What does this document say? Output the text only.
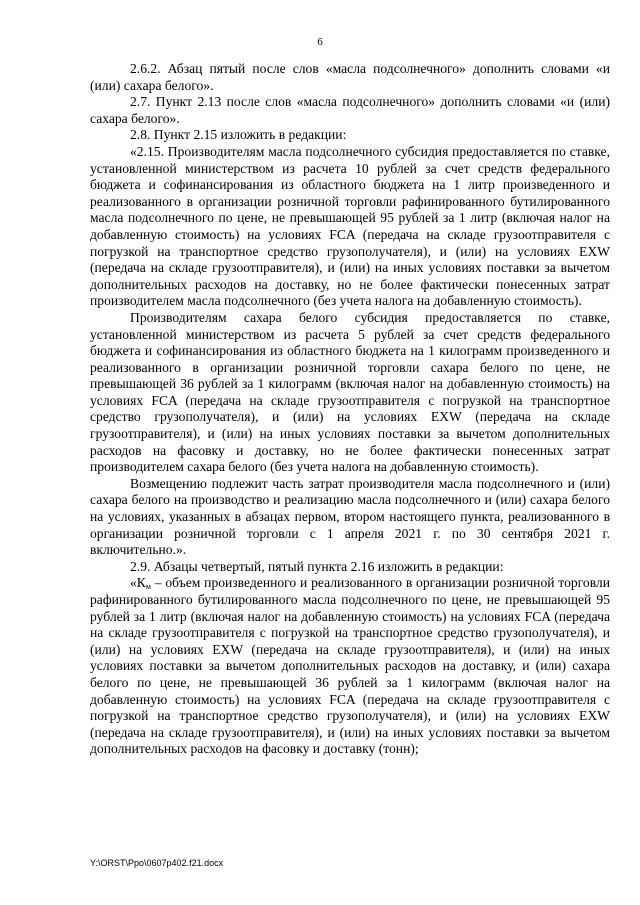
6

2.6.2. Абзац пятый после слов «масла подсолнечного» дополнить словами «и (или) сахара белого».

2.7. Пункт 2.13 после слов «масла подсолнечного» дополнить словами «и (или) сахара белого».

2.8. Пункт 2.15 изложить в редакции:

«2.15. Производителям масла подсолнечного субсидия предоставляется по ставке, установленной министерством из расчета 10 рублей за счет средств федерального бюджета и софинансирования из областного бюджета на 1 литр произведенного и реализованного в организации розничной торговли рафинированного бутилированного масла подсолнечного по цене, не превышающей 95 рублей за 1 литр (включая налог на добавленную стоимость) на условиях FCA (передача на складе грузоотправителя с погрузкой на транспортное средство грузополучателя), и (или) на условиях EXW (передача на складе грузоотправителя), и (или) на иных условиях поставки за вычетом дополнительных расходов на доставку, но не более фактически понесенных затрат производителем масла подсолнечного (без учета налога на добавленную стоимость).

Производителям сахара белого субсидия предоставляется по ставке, установленной министерством из расчета 5 рублей за счет средств федерального бюджета и софинансирования из областного бюджета на 1 килограмм произведенного и реализованного в организации розничной торговли сахара белого по цене, не превышающей 36 рублей за 1 килограмм (включая налог на добавленную стоимость) на условиях FCA (передача на складе грузоотправителя с погрузкой на транспортное средство грузополучателя), и (или) на условиях EXW (передача на складе грузоотправителя), и (или) на иных условиях поставки за вычетом дополнительных расходов на фасовку и доставку, но не более фактически понесенных затрат производителем сахара белого (без учета налога на добавленную стоимость).

Возмещению подлежит часть затрат производителя масла подсолнечного и (или) сахара белого на производство и реализацию масла подсолнечного и (или) сахара белого на условиях, указанных в абзацах первом, втором настоящего пункта, реализованного в организации розничной торговли с 1 апреля 2021 г. по 30 сентября 2021 г. включительно.».

2.9. Абзацы четвертый, пятый пункта 2.16 изложить в редакции:

«$К_м$ – объем произведенного и реализованного в организации розничной торговли рафинированного бутилированного масла подсолнечного по цене, не превышающей 95 рублей за 1 литр (включая налог на добавленную стоимость) на условиях FCA (передача на складе грузоотправителя с погрузкой на транспортное средство грузополучателя), и (или) на условиях EXW (передача на складе грузоотправителя), и (или) на иных условиях поставки за вычетом дополнительных расходов на доставку, и (или) сахара белого по цене, не превышающей 36 рублей за 1 килограмм (включая налог на добавленную стоимость) на условиях FCA (передача на складе грузоотправителя с погрузкой на транспортное средство грузополучателя), и (или) на условиях EXW (передача на складе грузоотправителя), и (или) на иных условиях поставки за вычетом дополнительных расходов на фасовку и доставку (тонн);

Y:\ORST\Ppo\0607p402.f21.docx
